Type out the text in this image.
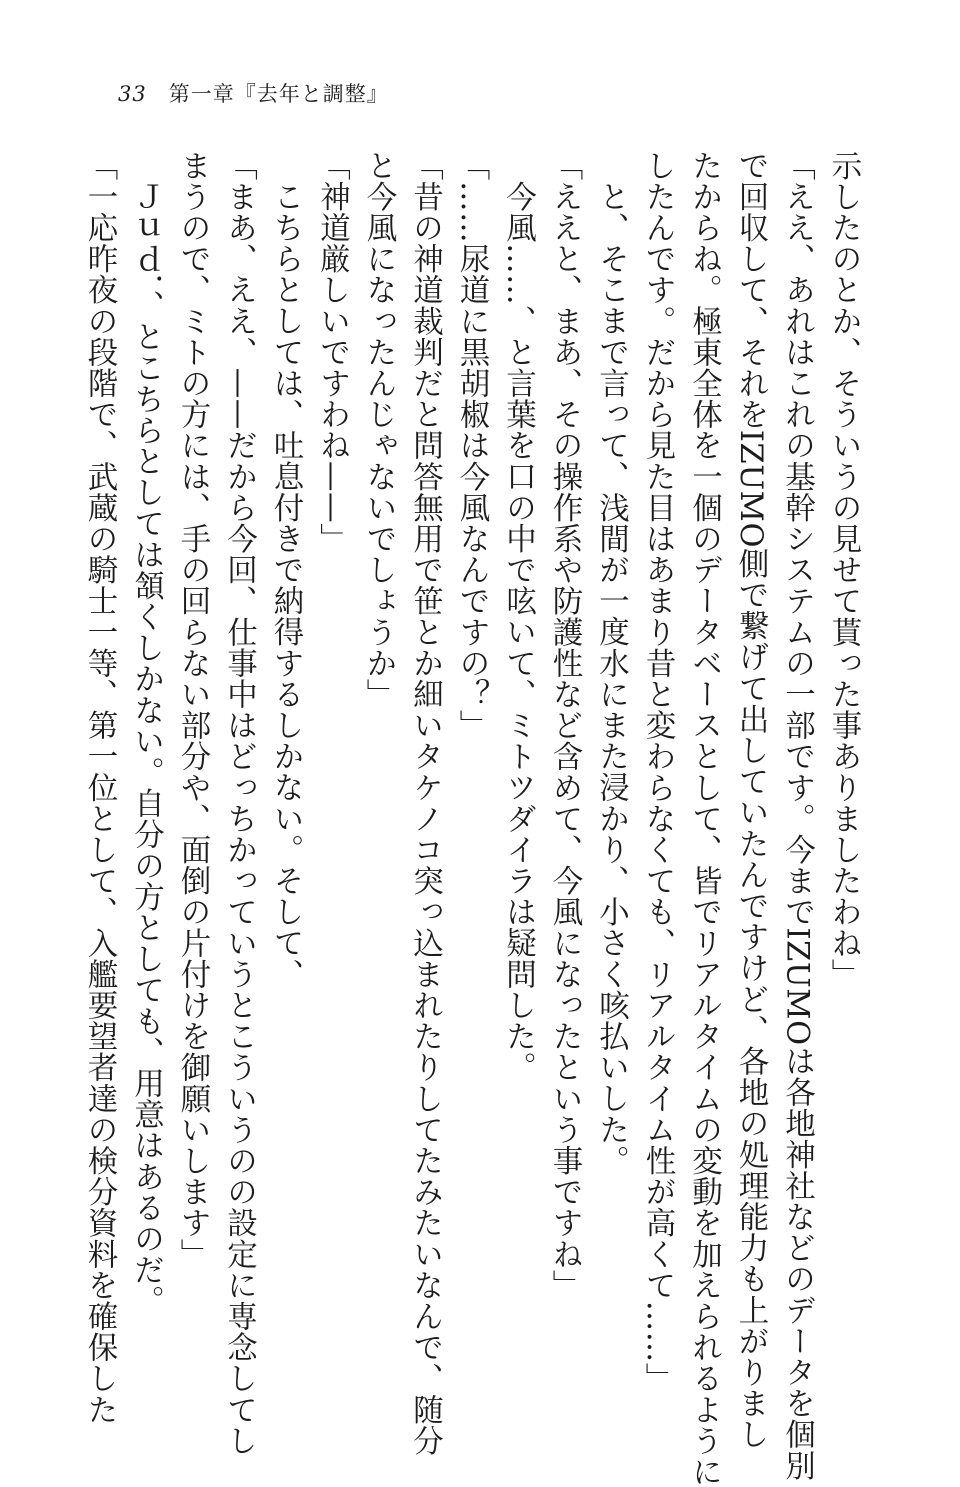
33 第一章『去年と調整』
示したのとか、そういうの見せて貰った事ありましたわね」
「ええ、あれはこれの基幹システムの一部です。今までIZUMOは各地神社などのデータを個別
で回収して、それをIZUMO側で繋げて出していたんですけど、各地の処理能力も上がりまし
たからね。極東全体を一個のデータベースとして、皆でリアルタイムの変動を加えられるように
したんです。だから見た目はあまり昔と変わらなくても、リアルタイム性が高くて……」
と、そこまで言って、浅間が一度水にまた浸かり、小さく咳払いした。
「ええと、まあ、その操作系や防護性など含めて、今風になったという事ですね」
今風……、と言葉を口の中で呟いて、ミトツダイラは疑問した。
「……尿道に黒胡椒は今風なんですの？」
「昔の神道裁判だと問答無用で笹とか細いタケノコ突っ込まれたりしてたみたいなんで、随分
と今風になったんじゃないでしょうか」
「神道厳しいですわね——」
こちらとしては、吐息付きで納得するしかない。そして、
「まあ、ええ、——だから今回、仕事中はどっちかっていうとこういうのの設定に専念してし
まうので、ミトの方には、手の回らない部分や、面倒の片付けを御願いします」
Ｊｕｄ．、とこちらとしては頷くしかない。自分の方としても、用意はあるのだ。
「一応昨夜の段階で、武蔵の騎士一等、第一位として、入艦要望者達の検分資料を確保した
